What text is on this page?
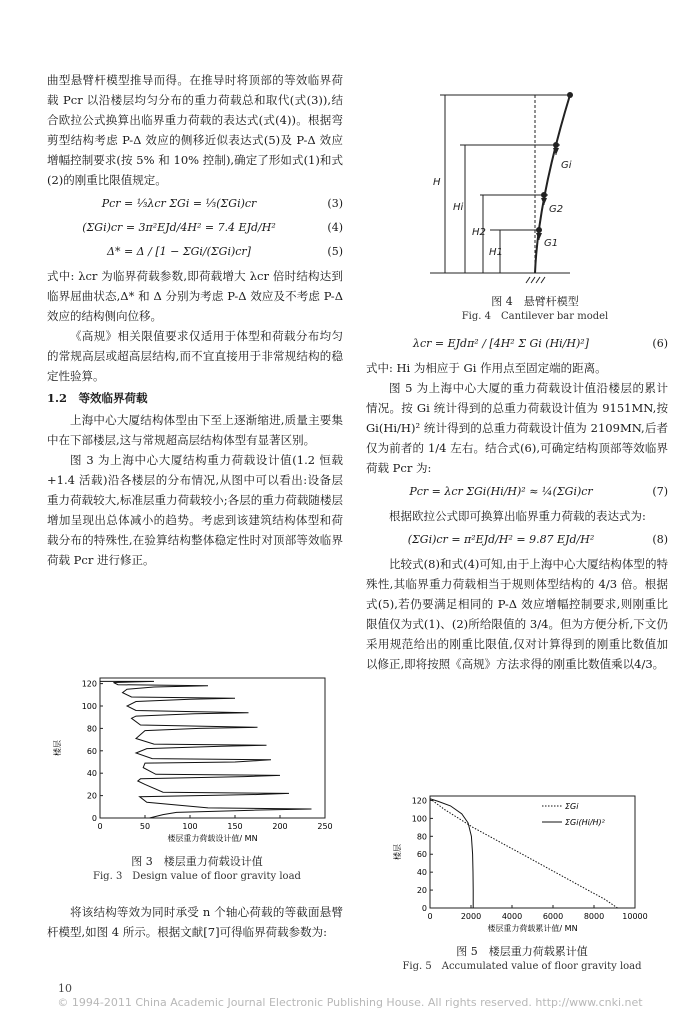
曲型悬臂杆模型推导而得。在推导时将顶部的等效临界荷载 Pcr 以沿楼层均匀分布的重力荷载总和取代(式(3)),结合欧拉公式换算出临界重力荷载的表达式(式(4))。根据弯剪型结构考虑 P-Δ 效应的侧移近似表达式(5)及 P-Δ 效应增幅控制要求(按 5% 和 10% 控制),确定了形如式(1)和式(2)的刚重比限值规定。

Pcr = ⅓λcr ΣGi = ⅓(ΣGi)cr	(3)
(ΣGi)cr = 3π²EJd/4H² = 7.4 EJd/H²	(4)
Δ* = Δ / [1 − ΣGi/(ΣGi)cr]	(5)

式中: λcr 为临界荷载参数,即荷载增大 λcr 倍时结构达到临界屈曲状态,Δ* 和 Δ 分别为考虑 P-Δ 效应及不考虑 P-Δ 效应的结构侧向位移。

《高规》相关限值要求仅适用于体型和荷载分布均匀的常规高层或超高层结构,而不宜直接用于非常规结构的稳定性验算。

1.2　等效临界荷载

上海中心大厦结构体型由下至上逐渐缩进,质量主要集中在下部楼层,这与常规超高层结构体型有显著区别。

图 3 为上海中心大厦结构重力荷载设计值(1.2 恒载 +1.4 活载)沿各楼层的分布情况,从图中可以看出:设备层重力荷载较大,标准层重力荷载较小;各层的重力荷载随楼层增加呈现出总体减小的趋势。考虑到该建筑结构体型和荷载分布的特殊性,在验算结构整体稳定性时对顶部等效临界荷载 Pcr 进行修正。

0	50	100	150	200	250
0
20
40
60
80
100
120
楼层重力荷载设计值/ MN
楼层
图 3　楼层重力荷载设计值
Fig. 3　Design value of floor gravity load

将该结构等效为同时承受 n 个轴心荷载的等截面悬臂杆模型,如图 4 所示。根据文献[7]可得临界荷载参数为:

H
Hi
H2
H1
Gi
G2
G1
图 4　悬臂杆模型
Fig. 4　Cantilever bar model
λcr = EJdπ² / [4H² Σ Gi (Hi/H)²]	(6)

式中: Hi 为相应于 Gi 作用点至固定端的距离。

图 5 为上海中心大厦的重力荷载设计值沿楼层的累计情况。按 Gi 统计得到的总重力荷载设计值为 9151MN,按 Gi(Hi/H)² 统计得到的总重力荷载设计值为 2109MN,后者仅为前者的 1/4 左右。结合式(6),可确定结构顶部等效临界荷载 Pcr 为:

Pcr = λcr ΣGi(Hi/H)² ≈ ¼(ΣGi)cr	(7)

根据欧拉公式即可换算出临界重力荷载的表达式为:

(ΣGi)cr = π²EJd/H² = 9.87 EJd/H²	(8)

比较式(8)和式(4)可知,由于上海中心大厦结构体型的特殊性,其临界重力荷载相当于规则体型结构的 4/3 倍。根据式(5),若仍要满足相同的 P-Δ 效应增幅控制要求,则刚重比限值仅为式(1)、(2)所给限值的 3/4。但为方便分析,下文仍采用规范给出的刚重比限值,仅对计算得到的刚重比数值加以修正,即将按照《高规》方法求得的刚重比数值乘以4/3。

0	2000	4000	6000	8000 10000
0
20
40
60
80
100
120
楼层重力荷载累计值/ MN
楼层
ΣGi
ΣGi(Hi/H)²
图 5　楼层重力荷载累计值
Fig. 5　Accumulated value of floor gravity load
10
© 1994-2011 China Academic Journal Electronic Publishing House. All rights reserved. http://www.cnki.net
